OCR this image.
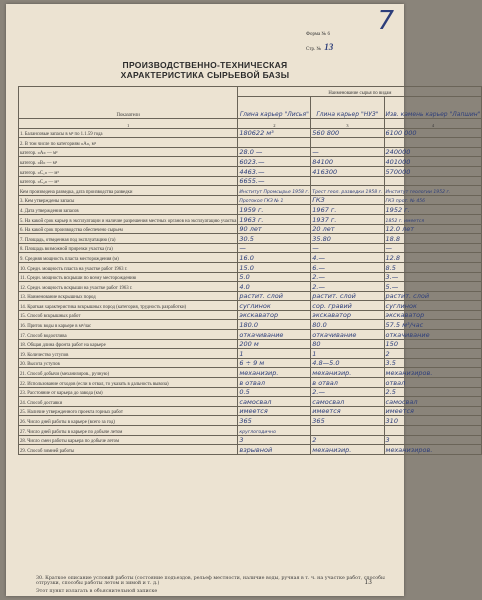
7
Форма № 6
Стр. № 13
ПРОИЗВОДСТВЕННО-ТЕХНИЧЕСКАЯ
ХАРАКТЕРИСТИКА СЫРЬЕВОЙ БАЗЫ
Показатели	Наименование сырья по видам		
	Глина карьер "Лисья"	Глина карьер "НУЗ"	Изв. камень карьер "Лапшин"
1	2	3	4

1. Балансовые запасы в м³ по 1.1.59 года	180622 м³	560 800	6100 000

2. В том числе по категориям «А», м³			

категор. «А» — м³	28.0 —	—	240000

категор. «В» — м³	6023.—	84100	401000

категор. «С₁» — м³	4463.—	416300	570000

категор. «С₂» — м³	6655.—		

Кем произведена разведка, дата производства разведки	Институт Промсырье 1958 г.	Трест геол. разведки 1958 г.	Институт геологии 1952 г.

3. Кем утверждены запасы	Протокол ГКЗ № 1	ГКЗ	ГКЗ прот. № 456

4. Дата утверждения запасов	1959 г.	1967 г.	1952 г.

5. На какой срок карьер в эксплуатации и наличие разрешения местных органов на эксплуатацию участка	1963 г.	1937 г.	1852 г. имеется

6. На какой срок производства обеспечено сырьем	90 лет	20 лет	12.0 лет

7. Площадь, отведенная под эксплуатацию (га)	30.5	35.80	18.8

8. Площадь возможной прирезки участка (га)	—	—	—

9. Средняя мощность пласта месторождения (м)	16.0	4.—	12.8

10. Средн. мощность пласта на участке работ 1963 г.	15.0	6.—	8.5

11. Средн. мощность вскрыши по всему месторождению	5.0	2.—	3.—

12. Средн. мощность вскрыши на участке работ 1963 г.	4.0	2.—	5.—

13. Наименование вскрышных пород	растит. слой	растит. слой	растит. слой

14. Краткая характеристика вскрышных пород (категория, трудность разработки)	суглинок	сор. гравий	суглинок

15. Способ вскрышных работ	экскаватор	экскаватор	экскаватор

16. Приток воды в карьере в м³/час	180.0	80.0	57.5 м³/час

17. Способ водоотлива	откачивание	откачивание	откачивание

18. Общая длина фронта работ на карьере	200 м	80	150

19. Количество уступов	1	1	2

20. Высота уступов	6 ÷ 9 м	4.8—5.0	3.5

21. Способ добычи (механизиров., ручную)	механизир.	механизир.	механизиров.

22. Использование отходов (если в отвал, то указать в дальность вывоза)	в отвал	в отвал	отвал

23. Расстояние от карьера до завода (км)	0.5	2.—	2.5

24. Способ доставки	самосвал	самосвал	самосвал

25. Наличие утвержденного проекта горных работ	имеется	имеется	имеется

26. Число дней работы в карьере (всего за год)	365	365	310

27. Число дней работы в карьере по добыче летом	круглогодично		

28. Число смен работы карьера по добыче летом	3	2	3

29. Способ зимней работы	взрывной	механизир.	механизиров.
30. Краткое описание условий работы (состояние подъездов, рельеф местности, наличие воды, ручная в т. ч. на участке работ, способы отгрузки, способы работы летом и зимой и т. д.)
Этот пункт излагать в объяснительной записке
13
